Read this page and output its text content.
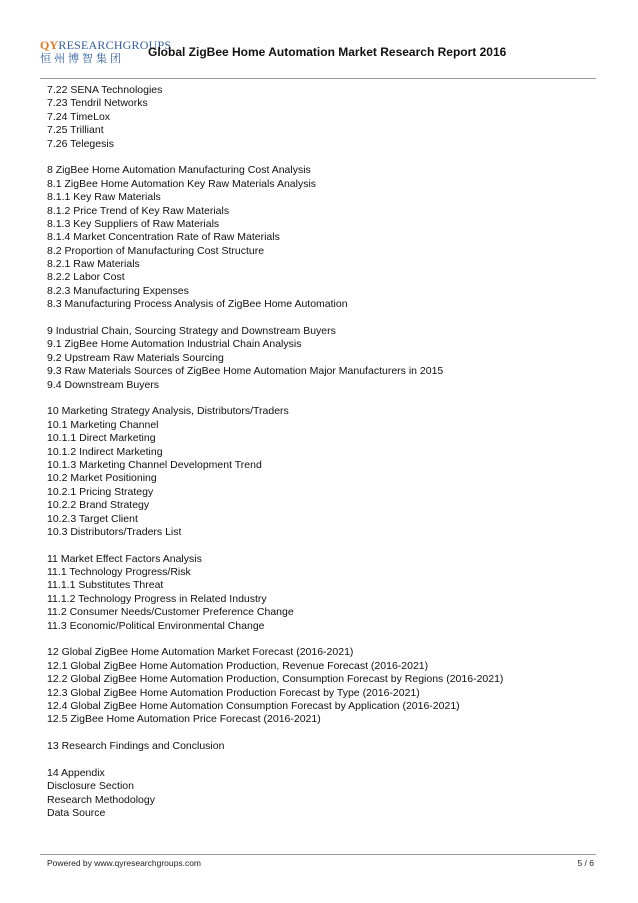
QYRESEARCHGROUPS
恒州博智集团	Global ZigBee Home Automation Market Research Report 2016
7.22 SENA Technologies
7.23 Tendril Networks
7.24 TimeLox
7.25 Trilliant
7.26 Telegesis
8 ZigBee Home Automation Manufacturing Cost Analysis
8.1 ZigBee Home Automation Key Raw Materials Analysis
8.1.1 Key Raw Materials
8.1.2 Price Trend of Key Raw Materials
8.1.3 Key Suppliers of Raw Materials
8.1.4 Market Concentration Rate of Raw Materials
8.2 Proportion of Manufacturing Cost Structure
8.2.1 Raw Materials
8.2.2 Labor Cost
8.2.3 Manufacturing Expenses
8.3 Manufacturing Process Analysis of ZigBee Home Automation
9 Industrial Chain, Sourcing Strategy and Downstream Buyers
9.1 ZigBee Home Automation Industrial Chain Analysis
9.2 Upstream Raw Materials Sourcing
9.3 Raw Materials Sources of ZigBee Home Automation Major Manufacturers in 2015
9.4 Downstream Buyers
10 Marketing Strategy Analysis, Distributors/Traders
10.1 Marketing Channel
10.1.1 Direct Marketing
10.1.2 Indirect Marketing
10.1.3 Marketing Channel Development Trend
10.2 Market Positioning
10.2.1 Pricing Strategy
10.2.2 Brand Strategy
10.2.3 Target Client
10.3 Distributors/Traders List
11 Market Effect Factors Analysis
11.1 Technology Progress/Risk
11.1.1 Substitutes Threat
11.1.2 Technology Progress in Related Industry
11.2 Consumer Needs/Customer Preference Change
11.3 Economic/Political Environmental Change
12 Global ZigBee Home Automation Market Forecast (2016-2021)
12.1 Global ZigBee Home Automation Production, Revenue Forecast (2016-2021)
12.2 Global ZigBee Home Automation Production, Consumption Forecast by Regions (2016-2021)
12.3 Global ZigBee Home Automation Production Forecast by Type (2016-2021)
12.4 Global ZigBee Home Automation Consumption Forecast by Application (2016-2021)
12.5 ZigBee Home Automation Price Forecast (2016-2021)
13 Research Findings and Conclusion
14 Appendix
Disclosure Section
Research Methodology
Data Source
Powered by www.qyresearchgroups.com	5 / 6
